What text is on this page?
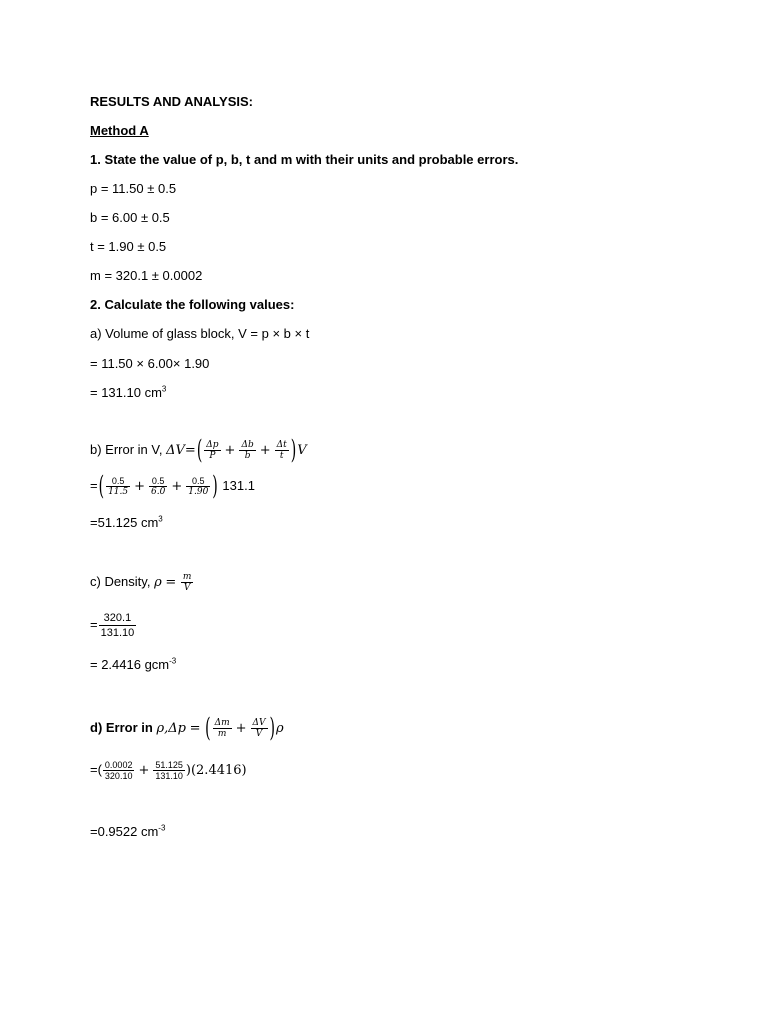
RESULTS AND ANALYSIS:
Method A
1. State the value of p, b, t and m with their units and probable errors.
p = 11.50 ± 0.5
b = 6.00 ± 0.5
t = 1.90 ± 0.5
m = 320.1 ± 0.0002
2. Calculate the following values:
a) Volume of glass block, V = p × b × t
= 11.50 × 6.00× 1.90
= 131.10 $cm^3$
b) Error in V, $\Delta V=( \frac{\Delta p}{P} + \frac{\Delta b}{b} + \frac{\Delta t}{t} )V$
=( $\frac{0.5}{11.5} + \frac{0.5}{6.0} + \frac{0.5}{1.90}$ ) 131.1
=51.125 $cm^3$
c) Density, $\rho = \frac{m}{V}$
= $\frac{320.1}{131.10}$
= 2.4416 gcm$^{-3}$
d) Error in ρ,Δp = ( $\frac{\Delta m}{m} + \frac{\Delta V}{V} )\rho$
=( $\frac{0.0002}{320.10} + \frac{51.125}{131.10} )(2.4416)$
=0.9522 $cm^{-3}$
